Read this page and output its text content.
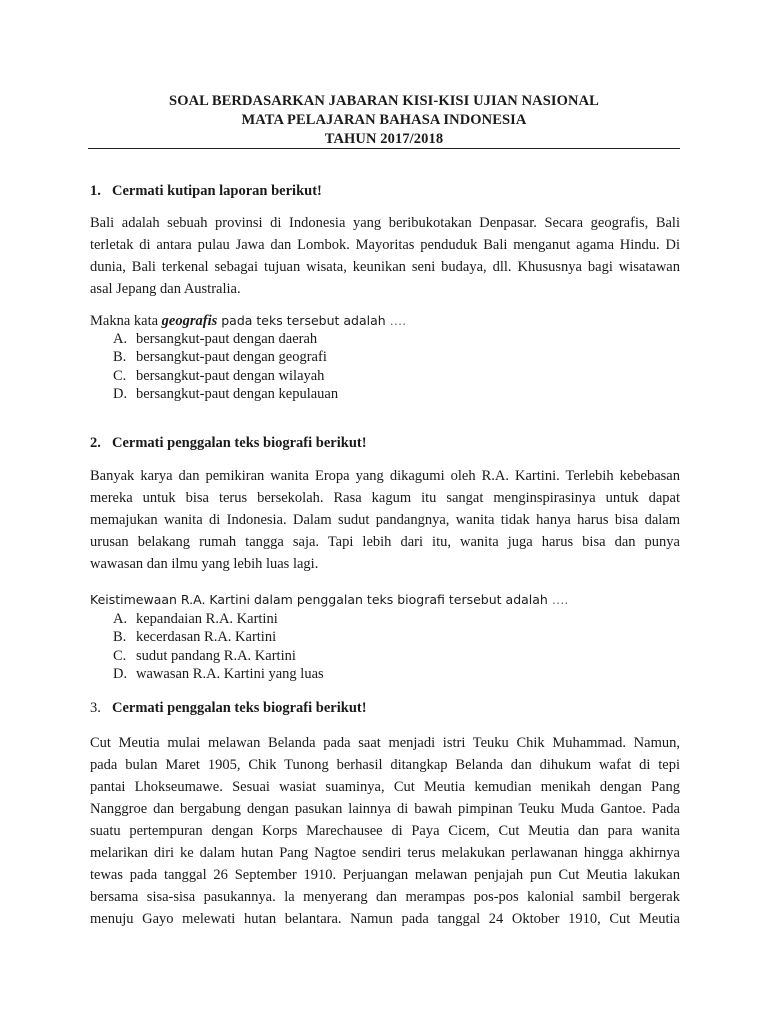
SOAL BERDASARKAN JABARAN KISI-KISI UJIAN NASIONAL
MATA PELAJARAN BAHASA INDONESIA
TAHUN 2017/2018
1. Cermati kutipan laporan berikut!
Bali adalah sebuah provinsi di Indonesia yang beribukotakan Denpasar. Secara geografis, Bali
terletak di antara pulau Jawa dan Lombok. Mayoritas penduduk Bali menganut agama Hindu. Di
dunia, Bali terkenal sebagai tujuan wisata, keunikan seni budaya, dll. Khususnya bagi wisatawan
asal Jepang dan Australia.
Makna kata geografis pada teks tersebut adalah ….
A. bersangkut-paut dengan daerah
B. bersangkut-paut dengan geografi
C. bersangkut-paut dengan wilayah
D. bersangkut-paut dengan kepulauan
2. Cermati penggalan teks biografi berikut!
Banyak karya dan pemikiran wanita Eropa yang dikagumi oleh R.A. Kartini. Terlebih kebebasan
mereka untuk bisa terus bersekolah. Rasa kagum itu sangat menginspirasinya untuk dapat
memajukan wanita di Indonesia. Dalam sudut pandangnya, wanita tidak hanya harus bisa dalam
urusan belakang rumah tangga saja. Tapi lebih dari itu, wanita juga harus bisa dan punya
wawasan dan ilmu yang lebih luas lagi.
Keistimewaan R.A. Kartini dalam penggalan teks biografi tersebut adalah ….
A. kepandaian R.A. Kartini
B. kecerdasan R.A. Kartini
C. sudut pandang R.A. Kartini
D. wawasan R.A. Kartini yang luas
3. Cermati penggalan teks biografi berikut!
Cut Meutia mulai melawan Belanda pada saat menjadi istri Teuku Chik Muhammad. Namun,
pada bulan Maret 1905, Chik Tunong berhasil ditangkap Belanda dan dihukum wafat di tepi
pantai Lhokseumawe. Sesuai wasiat suaminya, Cut Meutia kemudian menikah dengan Pang
Nanggroe dan bergabung dengan pasukan lainnya di bawah pimpinan Teuku Muda Gantoe. Pada
suatu pertempuran dengan Korps Marechausee di Paya Cicem, Cut Meutia dan para wanita
melarikan diri ke dalam hutan Pang Nagtoe sendiri terus melakukan perlawanan hingga akhirnya
tewas pada tanggal 26 September 1910. Perjuangan melawan penjajah pun Cut Meutia lakukan
bersama sisa-sisa pasukannya. la menyerang dan merampas pos-pos kalonial sambil bergerak
menuju Gayo melewati hutan belantara. Namun pada tanggal 24 Oktober 1910, Cut Meutia
